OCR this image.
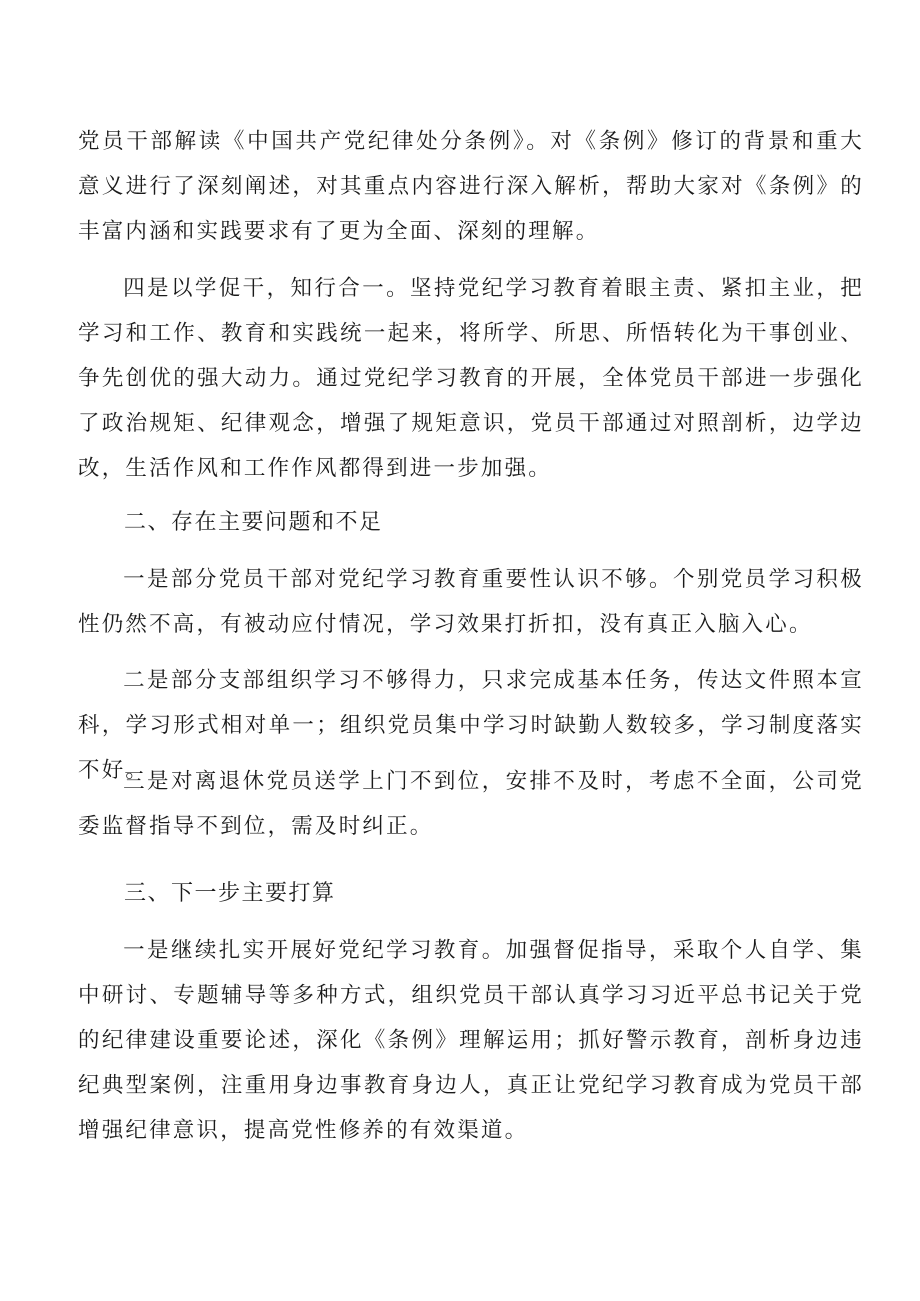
党员干部解读《中国共产党纪律处分条例》。对《条例》修订的背景和重大意义进行了深刻阐述，对其重点内容进行深入解析，帮助大家对《条例》的丰富内涵和实践要求有了更为全面、深刻的理解。

四是以学促干，知行合一。坚持党纪学习教育着眼主责、紧扣主业，把学习和工作、教育和实践统一起来，将所学、所思、所悟转化为干事创业、争先创优的强大动力。通过党纪学习教育的开展，全体党员干部进一步强化了政治规矩、纪律观念，增强了规矩意识，党员干部通过对照剖析，边学边改，生活作风和工作作风都得到进一步加强。

二、存在主要问题和不足

一是部分党员干部对党纪学习教育重要性认识不够。个别党员学习积极性仍然不高，有被动应付情况，学习效果打折扣，没有真正入脑入心。

二是部分支部组织学习不够得力，只求完成基本任务，传达文件照本宣科，学习形式相对单一；组织党员集中学习时缺勤人数较多，学习制度落实不好。

三是对离退休党员送学上门不到位，安排不及时，考虑不全面，公司党委监督指导不到位，需及时纠正。

三、下一步主要打算

一是继续扎实开展好党纪学习教育。加强督促指导，采取个人自学、集中研讨、专题辅导等多种方式，组织党员干部认真学习习近平总书记关于党的纪律建设重要论述，深化《条例》理解运用；抓好警示教育，剖析身边违纪典型案例，注重用身边事教育身边人，真正让党纪学习教育成为党员干部增强纪律意识，提高党性修养的有效渠道。
